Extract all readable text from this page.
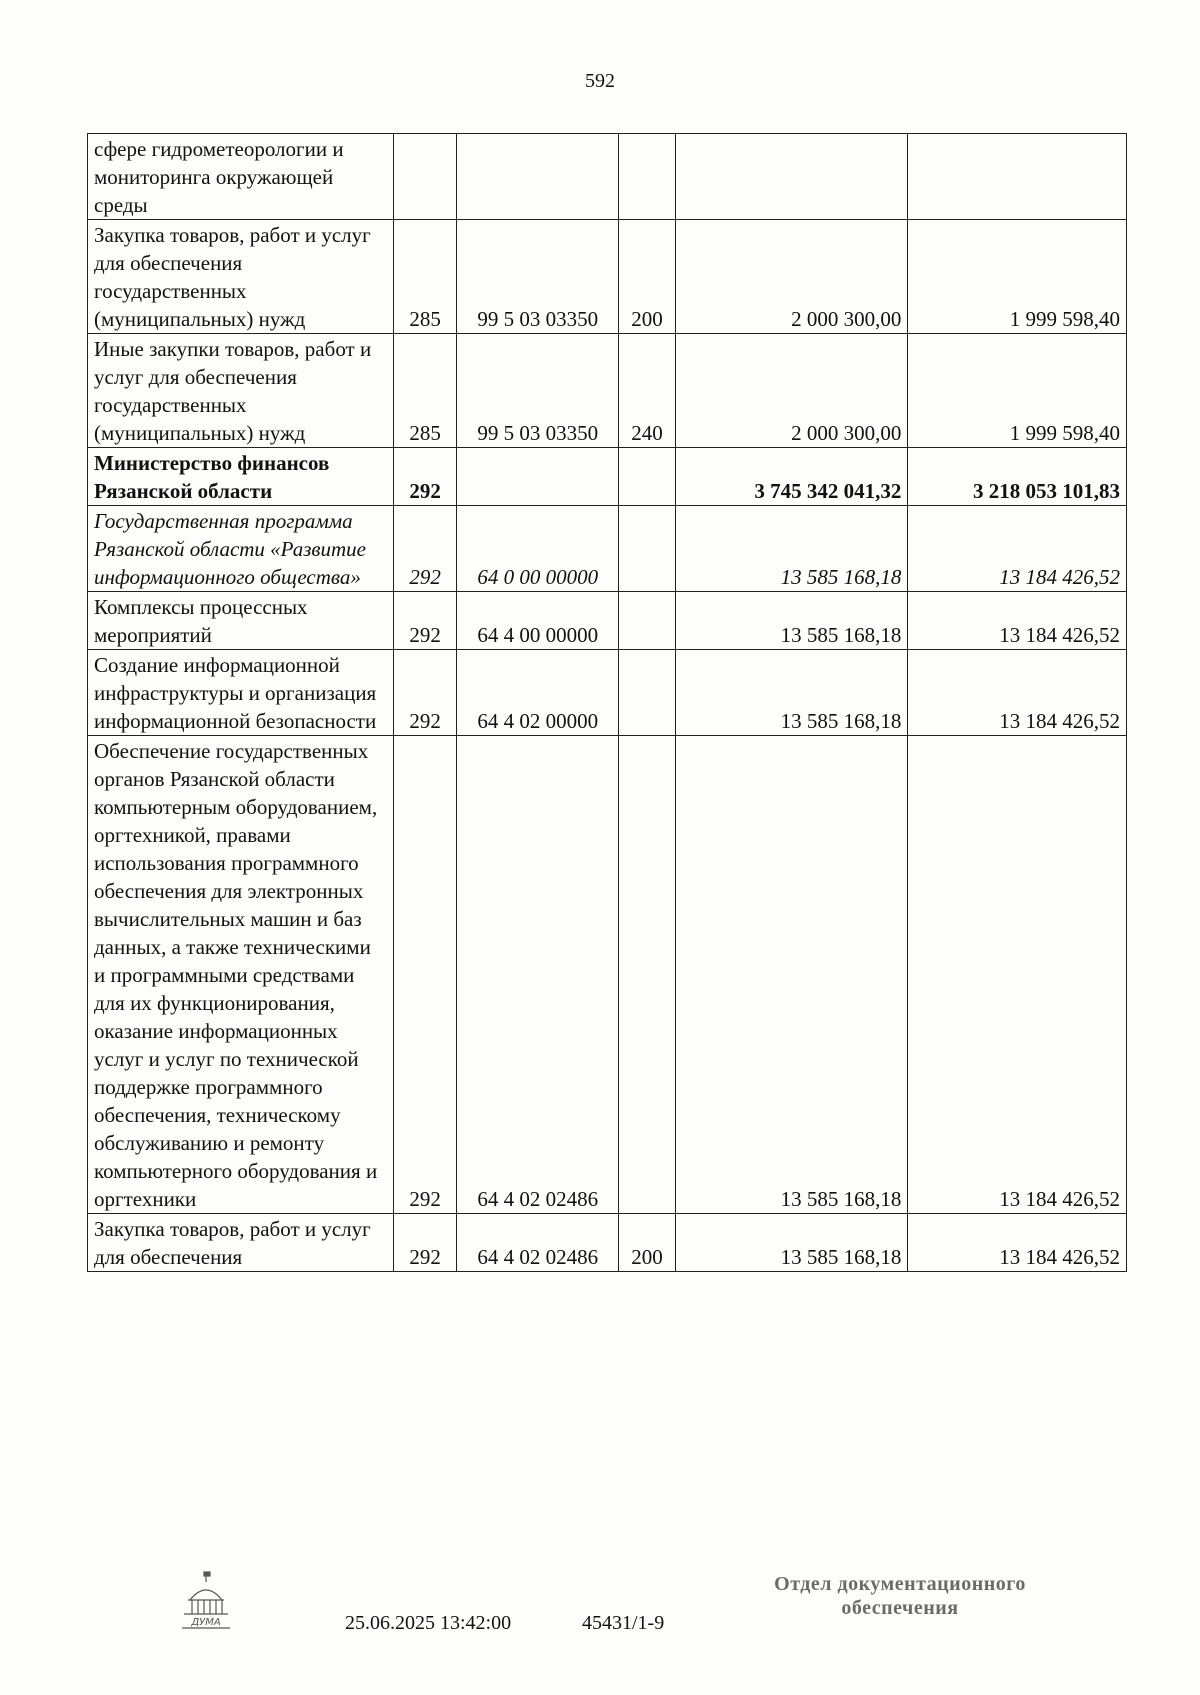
592
сфере гидрометеорологии и мониторинга окружающей среды					
Закупка товаров, работ и услуг для обеспечения государственных (муниципальных) нужд	285	99 5 03 03350	200	2 000 300,00	1 999 598,40
Иные закупки товаров, работ и услуг для обеспечения государственных (муниципальных) нужд	285	99 5 03 03350	240	2 000 300,00	1 999 598,40
Министерство финансов Рязанской области	292			3 745 342 041,32	3 218 053 101,83
Государственная программа Рязанской области «Развитие информационного общества»	292	64 0 00 00000		13 585 168,18	13 184 426,52
Комплексы процессных мероприятий	292	64 4 00 00000		13 585 168,18	13 184 426,52
Создание информационной инфраструктуры и организация информационной безопасности	292	64 4 02 00000		13 585 168,18	13 184 426,52
Обеспечение государственных органов Рязанской области компьютерным оборудованием, оргтехникой, правами использования программного обеспечения для электронных вычислительных машин и баз данных, а также техническими и программными средствами для их функционирования, оказание информационных услуг и услуг по технической поддержке программного обеспечения, техническому обслуживанию и ремонту компьютерного оборудования и оргтехники	292	64 4 02 02486		13 585 168,18	13 184 426,52
Закупка товаров, работ и услуг для обеспечения	292	64 4 02 02486	200	13 585 168,18	13 184 426,52
ДУМА	25.06.2025 13:42:00	45431/1-9
Отдел документационного
обеспечения
